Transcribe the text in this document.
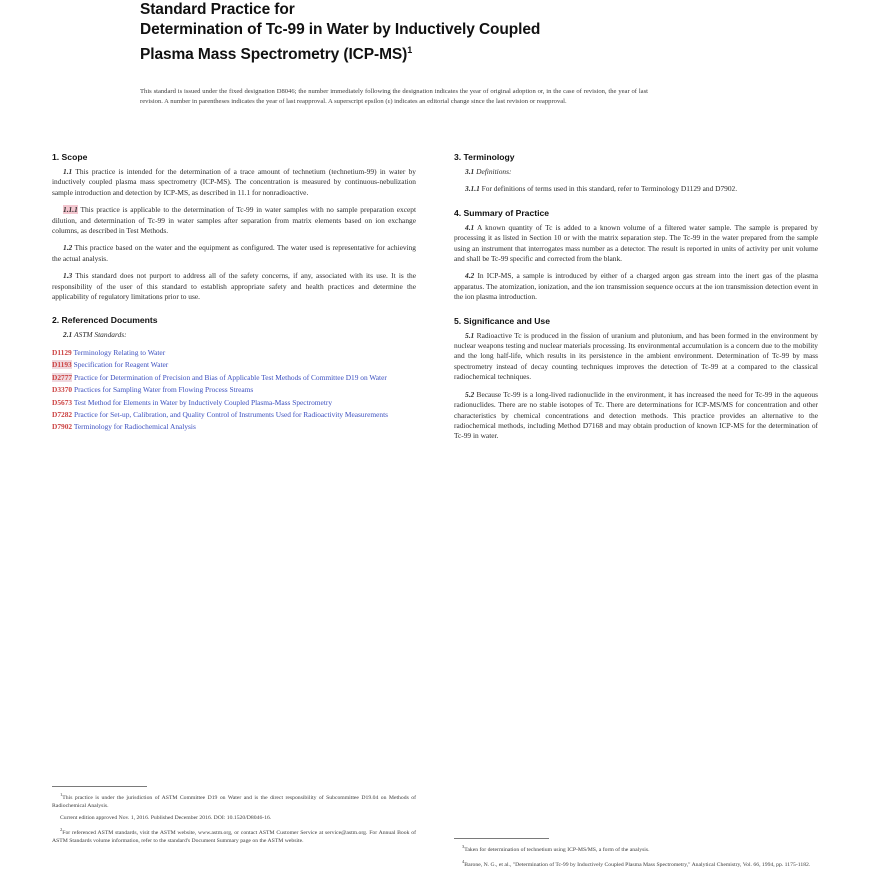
Standard Practice for
Determination of Tc-99 in Water by Inductively Coupled
Plasma Mass Spectrometry $(ICP-MS)^1$
This standard is issued under the fixed designation D8046; the number immediately following the designation indicates the year of original adoption or, in the case of revision, the year of last revision. A number in parentheses indicates the year of last reapproval. A superscript epsilon (ε) indicates an editorial change since the last revision or reapproval.
1. Scope

1.1 This practice is intended for the determination of a trace amount of technetium (technetium-99) in water by inductively coupled plasma mass spectrometry (ICP-MS). The concentration is measured by continuous-nebulization sample introduction and detection by ICP-MS, as described in 11.1 for nonradioactive.

1.1.1 This practice is applicable to the determination of Tc-99 in water samples with no sample preparation except dilution, and determination of Tc-99 in water samples after separation from matrix elements based on ion exchange columns, as described in Test Methods.

1.2 This practice based on the water and the equipment as configured. The water used is representative for achieving the actual analysis.

1.3 This standard does not purport to address all of the safety concerns, if any, associated with its use. It is the responsibility of the user of this standard to establish appropriate safety and health practices and determine the applicability of regulatory limitations prior to use.

2. Referenced Documents

2.1 ASTM Standards:

D1129 Terminology Relating to Water
D1193 Specification for Reagent Water
D2777 Practice for Determination of Precision and Bias of Applicable Test Methods of Committee D19 on Water
D3370 Practices for Sampling Water from Flowing Process Streams
D5673 Test Method for Elements in Water by Inductively Coupled Plasma-Mass Spectrometry
D7282 Practice for Set-up, Calibration, and Quality Control of Instruments Used for Radioactivity Measurements
D7902 Terminology for Radiochemical Analysis

$^1$This practice is under the jurisdiction of ASTM Committee D19 on Water and is the direct responsibility of Subcommittee D19.04 on Methods of Radiochemical Analysis.

Current edition approved Nov. 1, 2016. Published December 2016. DOI: 10.1520/D8046-16.

$^2$For referenced ASTM standards, visit the ASTM website, www.astm.org, or contact ASTM Customer Service at service@astm.org. For Annual Book of ASTM Standards volume information, refer to the standard's Document Summary page on the ASTM website.

3. Terminology

3.1 Definitions:

3.1.1 For definitions of terms used in this standard, refer to Terminology D1129 and D7902.

4. Summary of Practice

4.1 A known quantity of Tc is added to a known volume of a filtered water sample. The sample is prepared by processing it as listed in Section 10 or with the matrix separation step. The Tc-99 in the water prepared from the sample using an instrument that interrogates mass number as a detector. The result is reported in units of activity per unit volume and shall be Tc-99 specific and corrected from the blank.

4.2 In ICP-MS, a sample is introduced by either of a charged argon gas stream into the inert gas of the plasma apparatus. The atomization, ionization, and the ion transmission sequence occurs at the ion transmission detection event in the ion plasma introduction.

5. Significance and Use

5.1 Radioactive Tc is produced in the fission of uranium and plutonium, and has been formed in the environment by nuclear weapons testing and nuclear materials processing. Its environmental accumulation is a concern due to the mobility and the long half-life, which results in its persistence in the ambient environment. Determination of Tc-99 by mass spectrometry instead of decay counting techniques improves the detection of Tc-99 at a compared to the classical radiochemical techniques.

5.2 Because Tc-99 is a long-lived radionuclide in the environment, it has increased the need for Tc-99 in the aqueous radionuclides. There are no stable isotopes of Tc. There are determinations for ICP-MS/MS for concentration and other characteristics by chemical concentrations and detection methods. This practice provides an alternative to the radiochemical methods, including Method D7168 and may obtain production of known ICP-MS for the determination of Tc-99 in water.

$^3$Taken for determination of technetium using ICP-MS/MS, a form of the analysis.

$^4$Barone, N. G., et al., "Determination of Tc-99 by Inductively Coupled Plasma Mass Spectrometry," Analytical Chemistry, Vol. 66, 1994, pp. 1175-1182.
